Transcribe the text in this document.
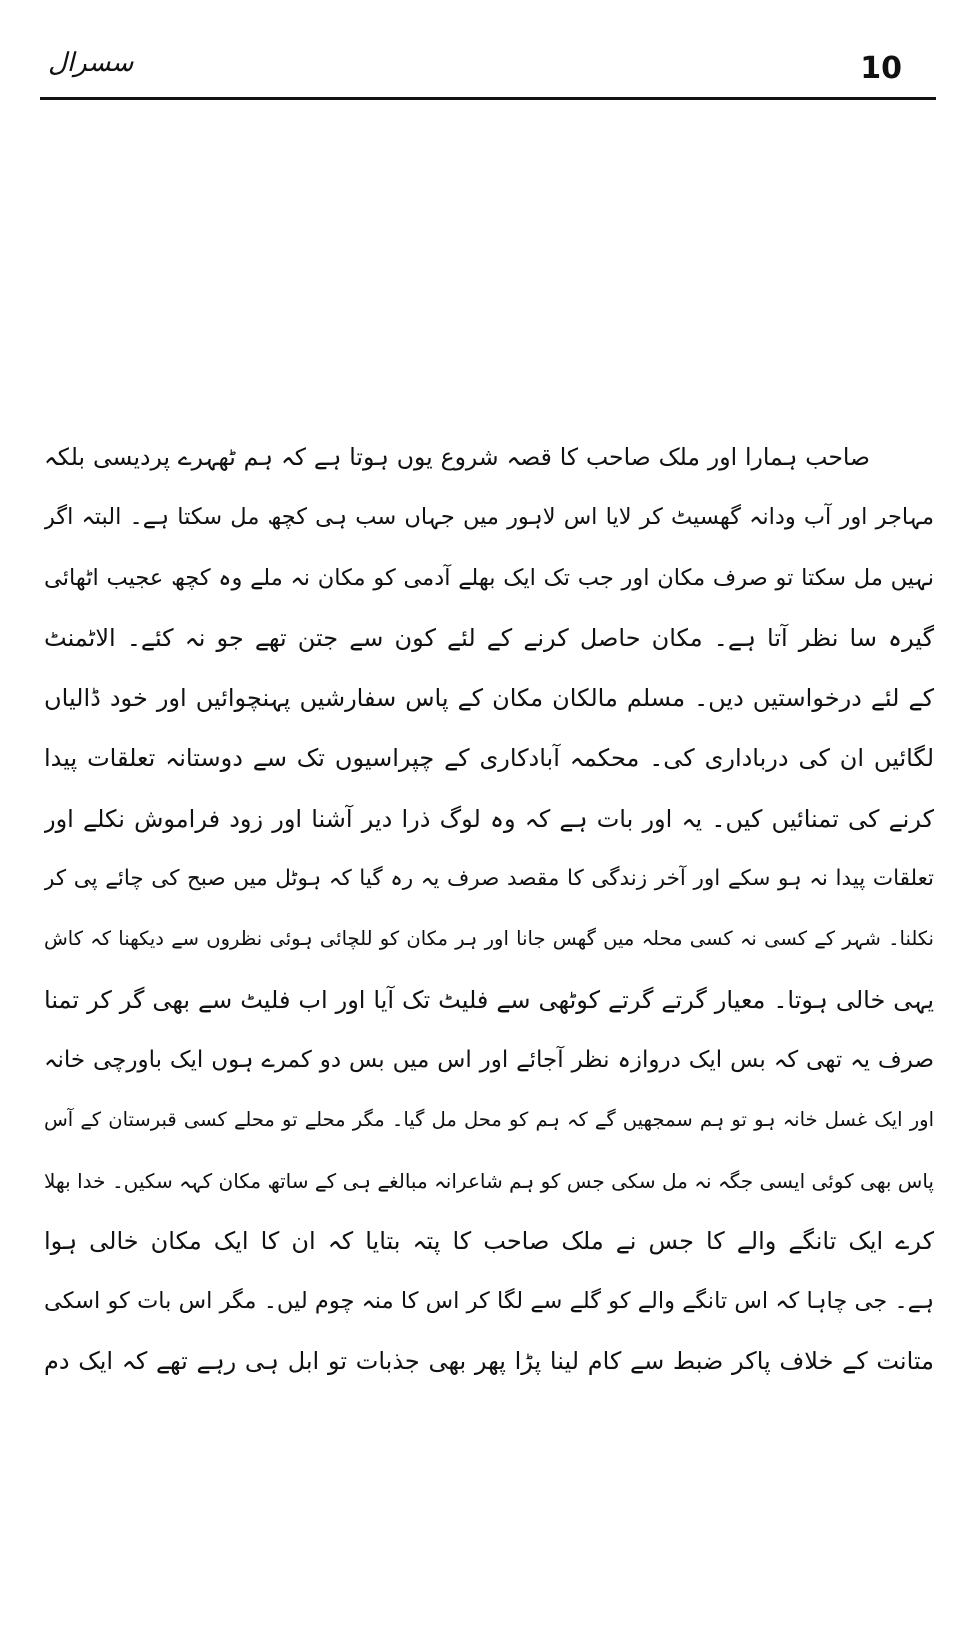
سسرال	10
صاحب ہمارا اور ملک صاحب کا قصہ شروع یوں ہوتا ہے کہ ہم ٹھہرے پردیسی بلکہ
مہاجر اور آب ودانہ گھسیٹ کر لایا اس لاہور میں جہاں سب ہی کچھ مل سکتا ہے۔ البتہ اگر
نہیں مل سکتا تو صرف مکان اور جب تک ایک بھلے آدمی کو مکان نہ ملے وہ کچھ عجیب اٹھائی
گیرہ سا نظر آتا ہے۔ مکان حاصل کرنے کے لئے کون سے جتن تھے جو نہ کئے۔ الاٹمنٹ
کے لئے درخواستیں دیں۔ مسلم مالکان مکان کے پاس سفارشیں پہنچوائیں اور خود ڈالیاں
لگائیں ان کی درباداری کی۔ محکمہ آبادکاری کے چپراسیوں تک سے دوستانہ تعلقات پیدا
کرنے کی تمنائیں کیں۔ یہ اور بات ہے کہ وہ لوگ ذرا دیر آشنا اور زود فراموش نکلے اور
تعلقات پیدا نہ ہو سکے اور آخر زندگی کا مقصد صرف یہ رہ گیا کہ ہوٹل میں صبح کی چائے پی کر
نکلنا۔ شہر کے کسی نہ کسی محلہ میں گھس جانا اور ہر مکان کو للچائی ہوئی نظروں سے دیکھنا کہ کاش
یہی خالی ہوتا۔ معیار گرتے گرتے کوٹھی سے فلیٹ تک آیا اور اب فلیٹ سے بھی گر کر تمنا
صرف یہ تھی کہ بس ایک دروازہ نظر آجائے اور اس میں بس دو کمرے ہوں ایک باورچی خانہ
اور ایک غسل خانہ ہو تو ہم سمجھیں گے کہ ہم کو محل مل گیا۔ مگر محلے تو محلے کسی قبرستان کے آس
پاس بھی کوئی ایسی جگہ نہ مل سکی جس کو ہم شاعرانہ مبالغے ہی کے ساتھ مکان کہہ سکیں۔ خدا بھلا
کرے ایک تانگے والے کا جس نے ملک صاحب کا پتہ بتایا کہ ان کا ایک مکان خالی ہوا
ہے۔ جی چاہا کہ اس تانگے والے کو گلے سے لگا کر اس کا منہ چوم لیں۔ مگر اس بات کو اسکی
متانت کے خلاف پاکر ضبط سے کام لینا پڑا پھر بھی جذبات تو ابل ہی رہے تھے کہ ایک دم
